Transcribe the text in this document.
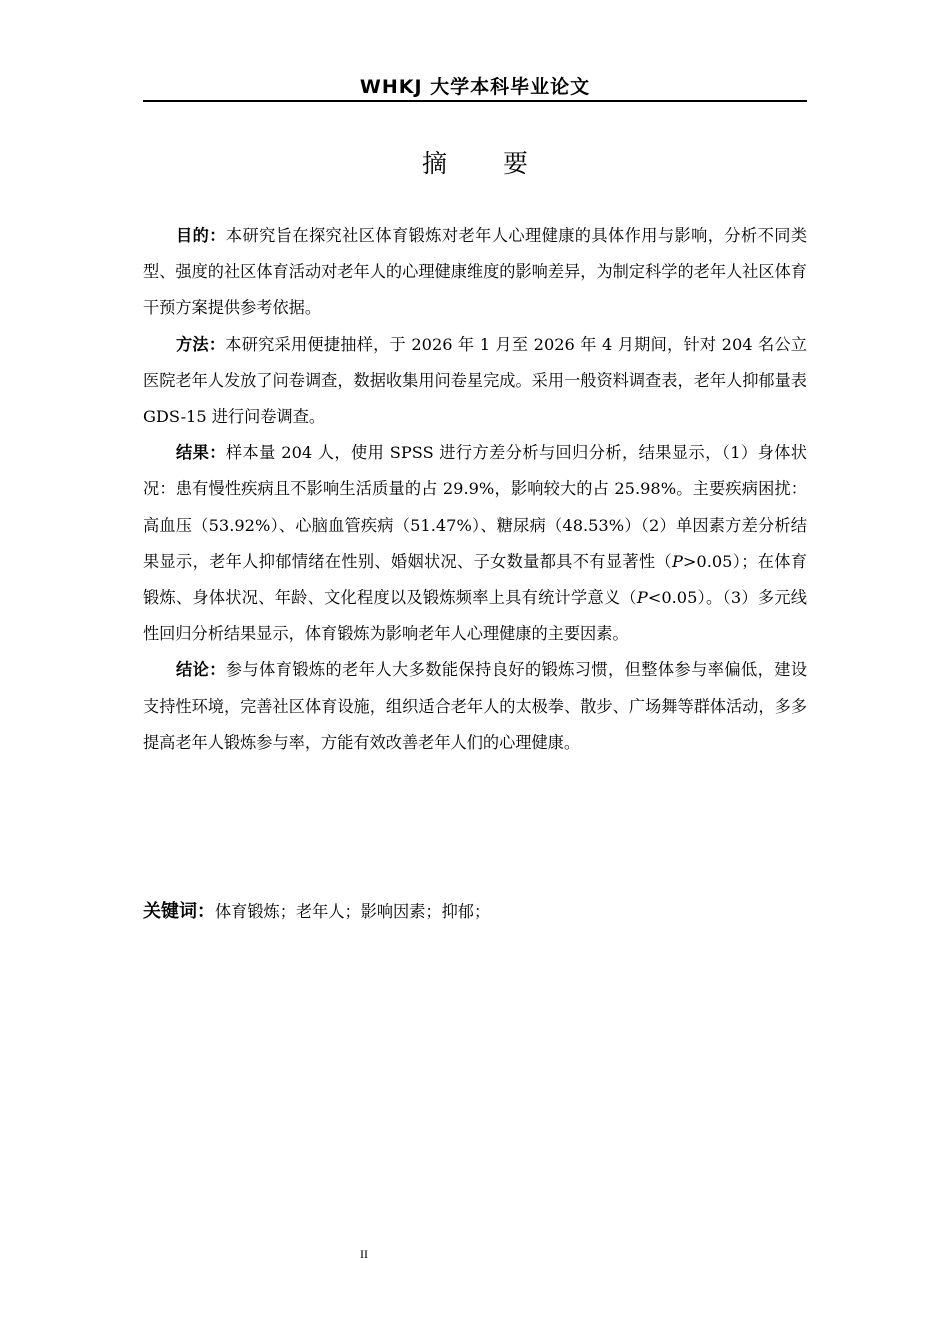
WHKJ 大学本科毕业论文
摘 要

目的：本研究旨在探究社区体育锻炼对老年人心理健康的具体作用与影响，分析不同类型、强度的社区体育活动对老年人的心理健康维度的影响差异，为制定科学的老年人社区体育干预方案提供参考依据。

方法：本研究采用便捷抽样，于 2026 年 1 月至 2026 年 4 月期间，针对 204 名公立医院老年人发放了问卷调查，数据收集用问卷星完成。采用一般资料调查表，老年人抑郁量表 GDS-15 进行问卷调查。

结果：样本量 204 人，使用 SPSS 进行方差分析与回归分析，结果显示，（1）身体状况：患有慢性疾病且不影响生活质量的占 29.9%，影响较大的占 25.98%。主要疾病困扰：高血压（53.92%）、心脑血管疾病（51.47%）、糖尿病（48.53%）（2）单因素方差分析结果显示，老年人抑郁情绪在性别、婚姻状况、子女数量都具不有显著性（P>0.05）；在体育锻炼、身体状况、年龄、文化程度以及锻炼频率上具有统计学意义（P<0.05）。（3）多元线性回归分析结果显示，体育锻炼为影响老年人心理健康的主要因素。

结论：参与体育锻炼的老年人大多数能保持良好的锻炼习惯，但整体参与率偏低，建设支持性环境，完善社区体育设施，组织适合老年人的太极拳、散步、广场舞等群体活动，多多提高老年人锻炼参与率，方能有效改善老年人们的心理健康。

关键词：体育锻炼；老年人；影响因素；抑郁；
II
